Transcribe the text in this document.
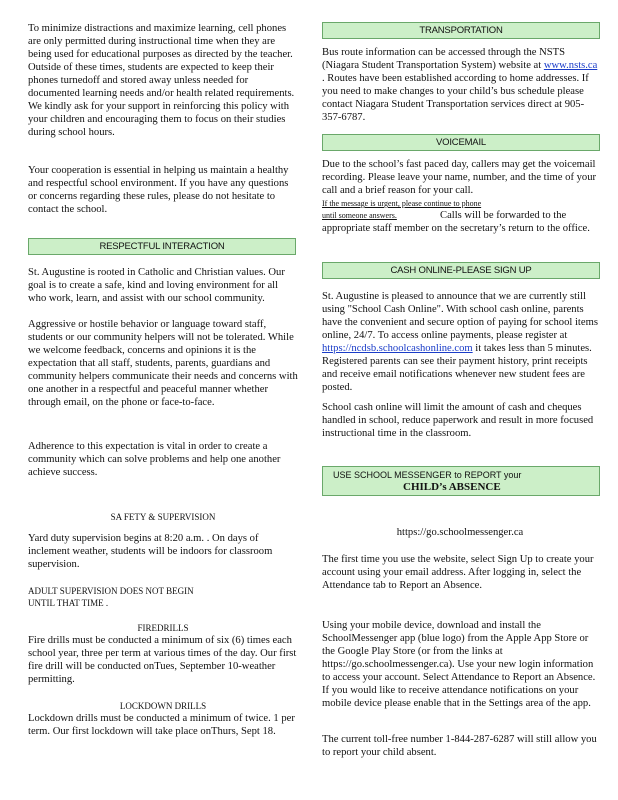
To minimize distractions and maximize learning, cell phones are only permitted during instructional time when they are being used for educational purposes as directed by the teacher. Outside of these times, students are expected to keep their phones turnedoff and stored away unless needed for documented learning needs and/or health related requirements. We kindly ask for your support in reinforcing this policy with your children and encouraging them to focus on their studies during school hours.

Your cooperation is essential in helping us maintain a healthy and respectful school environment. If you have any questions or concerns regarding these rules, please do not hesitate to contact the school.

RESPECTFUL INTERACTION

St. Augustine is rooted in Catholic and Christian values. Our goal is to create a safe, kind and loving environment for all who work, learn, and assist with our school community.

Aggressive or hostile behavior or language toward staff, students or our community helpers will not be tolerated. While we welcome feedback, concerns and opinions it is the expectation that all staff, students, parents, guardians and community helpers communicate their needs and concerns with one another in a respectful and peaceful manner whether through email, on the phone or face-to-face.

Adherence to this expectation is vital in order to create a community which can solve problems and help one another achieve success.

SA FETY & SUPERVISION

Yard duty supervision begins at 8:20 a.m. . On days of inclement weather, students will be indoors for classroom supervision.

ADULT SUPERVISION DOES NOT BEGIN
UNTIL THAT TIME .
FIREDRILLS

Fire drills must be conducted a minimum of six (6) times each school year, three per term at various times of the day. Our first fire drill will be conducted onTues, September 10-weather permitting.

LOCKDOWN DRILLS

Lockdown drills must be conducted a minimum of twice. 1 per term. Our first lockdown will take place onThurs, Sept 18.

TRANSPORTATION

Bus route information can be accessed through the NSTS (Niagara Student Transportation System) website at www.nsts.ca . Routes have been established according to home addresses. If you need to make changes to your child’s bus schedule please contact Niagara Student Transportation services direct at 905-357-6787.

VOICEMAIL

Due to the school’s fast paced day, callers may get the voicemail recording. Please leave your name, number, and the time of your call and a brief reason for your call.

If the message is urgent, please continue to phone
until someone answers.	Calls will be forwarded to the appropriate staff member on the secretary’s return to the office.

CASH ONLINE-PLEASE SIGN UP

St. Augustine is pleased to announce that we are currently still using "School Cash Online". With school cash online, parents have the convenient and secure option of paying for school items online, 24/7. To access online payments, please register at https://ncdsb.schoolcashonline.com it takes less than 5 minutes. Registered parents can see their payment history, print receipts and receive email notifications whenever new student fees are posted.

School cash online will limit the amount of cash and cheques handled in school, reduce paperwork and result in more focused instructional time in the classroom.

USE SCHOOL MESSENGER to REPORT your
CHILD’s ABSENCE
https://go.schoolmessenger.ca

The first time you use the website, select Sign Up to create your account using your email address. After logging in, select the Attendance tab to Report an Absence.

Using your mobile device, download and install the SchoolMessenger app (blue logo) from the Apple App Store or the Google Play Store (or from the links at https://go.schoolmessenger.ca). Use your new login information to access your account. Select Attendance to Report an Absence. If you would like to receive attendance notifications on your mobile device please enable that in the Settings area of the app.

The current toll-free number 1-844-287-6287 will still allow you to report your child absent.
